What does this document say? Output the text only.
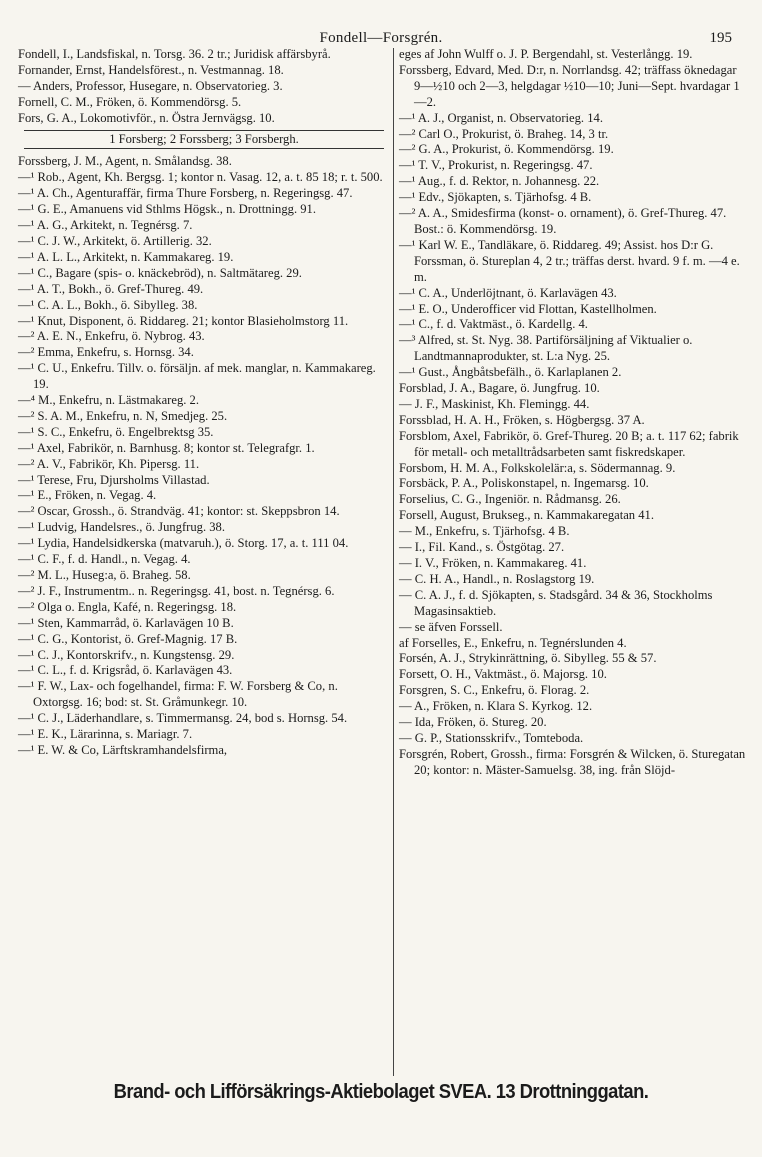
Fondell—Forsgrén.	195
Fondell, I., Landsfiskal, n. Torsg. 36. 2 tr.; Juridisk affärsbyrå.
Fornander, Ernst, Handelsförest., n. Vestmannag. 18.
— Anders, Professor, Husegare, n. Observatorieg. 3.
Fornell, C. M., Fröken, ö. Kommendörsg. 5.
Fors, G. A., Lokomotivför., n. Östra Jernvägsg. 10.
1 Forsberg; 2 Forssberg; 3 Forsbergh.
Forssberg, J. M., Agent, n. Smålandsg. 38.
—¹ Rob., Agent, Kh. Bergsg. 1; kontor n. Vasag. 12, a. t. 85 18; r. t. 500.
—¹ A. Ch., Agenturaffär, firma Thure Forsberg, n. Regeringsg. 47.
—¹ G. E., Amanuens vid Sthlms Högsk., n. Drottningg. 91.
—¹ A. G., Arkitekt, n. Tegnérsg. 7.
—¹ C. J. W., Arkitekt, ö. Artillerig. 32.
—¹ A. L. L., Arkitekt, n. Kammakareg. 19.
—¹ C., Bagare (spis- o. knäckebröd), n. Saltmätareg. 29.
—¹ A. T., Bokh., ö. Gref-Thureg. 49.
—¹ C. A. L., Bokh., ö. Sibylleg. 38.
—¹ Knut, Disponent, ö. Riddareg. 21; kontor Blasieholmstorg 11.
—² A. E. N., Enkefru, ö. Nybrog. 43.
—² Emma, Enkefru, s. Hornsg. 34.
—¹ C. U., Enkefru. Tillv. o. försäljn. af mek. manglar, n. Kammakareg. 19.
—⁴ M., Enkefru, n. Lästmakareg. 2.
—² S. A. M., Enkefru, n. N, Smedjeg. 25.
—¹ S. C., Enkefru, ö. Engelbrektsg 35.
—¹ Axel, Fabrikör, n. Barnhusg. 8; kontor st. Telegrafgr. 1.
—² A. V., Fabrikör, Kh. Pipersg. 11.
—¹ Terese, Fru, Djursholms Villastad.
—¹ E., Fröken, n. Vegag. 4.
—² Oscar, Grossh., ö. Strandväg. 41; kontor: st. Skeppsbron 14.
—¹ Ludvig, Handelsres., ö. Jungfrug. 38.
—¹ Lydia, Handelsidkerska (matvaruh.), ö. Storg. 17, a. t. 111 04.
—¹ C. F., f. d. Handl., n. Vegag. 4.
—² M. L., Huseg:a, ö. Braheg. 58.
—² J. F., Instrumentm.. n. Regeringsg. 41, bost. n. Tegnérsg. 6.
—² Olga o. Engla, Kafé, n. Regeringsg. 18.
—¹ Sten, Kammarråd, ö. Karlavägen 10 B.
—¹ C. G., Kontorist, ö. Gref-Magnig. 17 B.
—¹ C. J., Kontorskrifv., n. Kungstensg. 29.
—¹ C. L., f. d. Krigsråd, ö. Karlavägen 43.
—¹ F. W., Lax- och fogelhandel, firma: F. W. Forsberg & Co, n. Oxtorgsg. 16; bod: st. St. Gråmunkegr. 10.
—¹ C. J., Läderhandlare, s. Timmermansg. 24, bod s. Hornsg. 54.
—¹ E. K., Lärarinna, s. Mariagr. 7.
—¹ E. W. & Co, Lärftskramhandelsfirma,
eges af John Wulff o. J. P. Bergendahl, st. Vesterlångg. 19.
Forssberg, Edvard, Med. D:r, n. Norrlandsg. 42; träffass öknedagar 9—½10 och 2—3, helgdagar ½10—10; Juni—Sept. hvardagar 1—2.
—¹ A. J., Organist, n. Observatorieg. 14.
—² Carl O., Prokurist, ö. Braheg. 14, 3 tr.
—² G. A., Prokurist, ö. Kommendörsg. 19.
—¹ T. V., Prokurist, n. Regeringsg. 47.
—¹ Aug., f. d. Rektor, n. Johannesg. 22.
—¹ Edv., Sjökapten, s. Tjärhofsg. 4 B.
—² A. A., Smidesfirma (konst- o. ornament), ö. Gref-Thureg. 47. Bost.: ö. Kommendörsg. 19.
—¹ Karl W. E., Tandläkare, ö. Riddareg. 49; Assist. hos D:r G. Forssman, ö. Stureplan 4, 2 tr.; träffas derst. hvard. 9 f. m. —4 e. m.
—¹ C. A., Underlöjtnant, ö. Karlavägen 43.
—¹ E. O., Underofficer vid Flottan, Kastellholmen.
—¹ C., f. d. Vaktmäst., ö. Kardellg. 4.
—³ Alfred, st. St. Nyg. 38. Partiförsäljning af Viktualier o. Landtmannaprodukter, st. L:a Nyg. 25.
—¹ Gust., Ångbåtsbefälh., ö. Karlaplanen 2.
Forsblad, J. A., Bagare, ö. Jungfrug. 10.
— J. F., Maskinist, Kh. Flemingg. 44.
Forssblad, H. A. H., Fröken, s. Högbergsg. 37 A.
Forsblom, Axel, Fabrikör, ö. Gref-Thureg. 20 B; a. t. 117 62; fabrik för metall- och metalltrådsarbeten samt fiskredskaper.
Forsbom, H. M. A., Folkskolelär:a, s. Södermannag. 9.
Forsbäck, P. A., Poliskonstapel, n. Ingemarsg. 10.
Forselius, C. G., Ingeniör. n. Rådmansg. 26.
Forsell, August, Brukseg., n. Kammakaregatan 41.
— M., Enkefru, s. Tjärhofsg. 4 B.
— I., Fil. Kand., s. Östgötag. 27.
— I. V., Fröken, n. Kammakareg. 41.
— C. H. A., Handl., n. Roslagstorg 19.
— C. A. J., f. d. Sjökapten, s. Stadsgård. 34 & 36, Stockholms Magasinsaktieb.
— se äfven Forssell.
af Forselles, E., Enkefru, n. Tegnérslunden 4.
Forsén, A. J., Strykinrättning, ö. Sibylleg. 55 & 57.
Forsett, O. H., Vaktmäst., ö. Majorsg. 10.
Forsgren, S. C., Enkefru, ö. Florag. 2.
— A., Fröken, n. Klara S. Kyrkog. 12.
— Ida, Fröken, ö. Stureg. 20.
— G. P., Stationsskrifv., Tomteboda.
Forsgrén, Robert, Grossh., firma: Forsgrén & Wilcken, ö. Sturegatan 20; kontor: n. Mäster-Samuelsg. 38, ing. från Slöjd-
Brand- och Lifförsäkrings-Aktiebolaget SVEA. 13 Drottninggatan.
